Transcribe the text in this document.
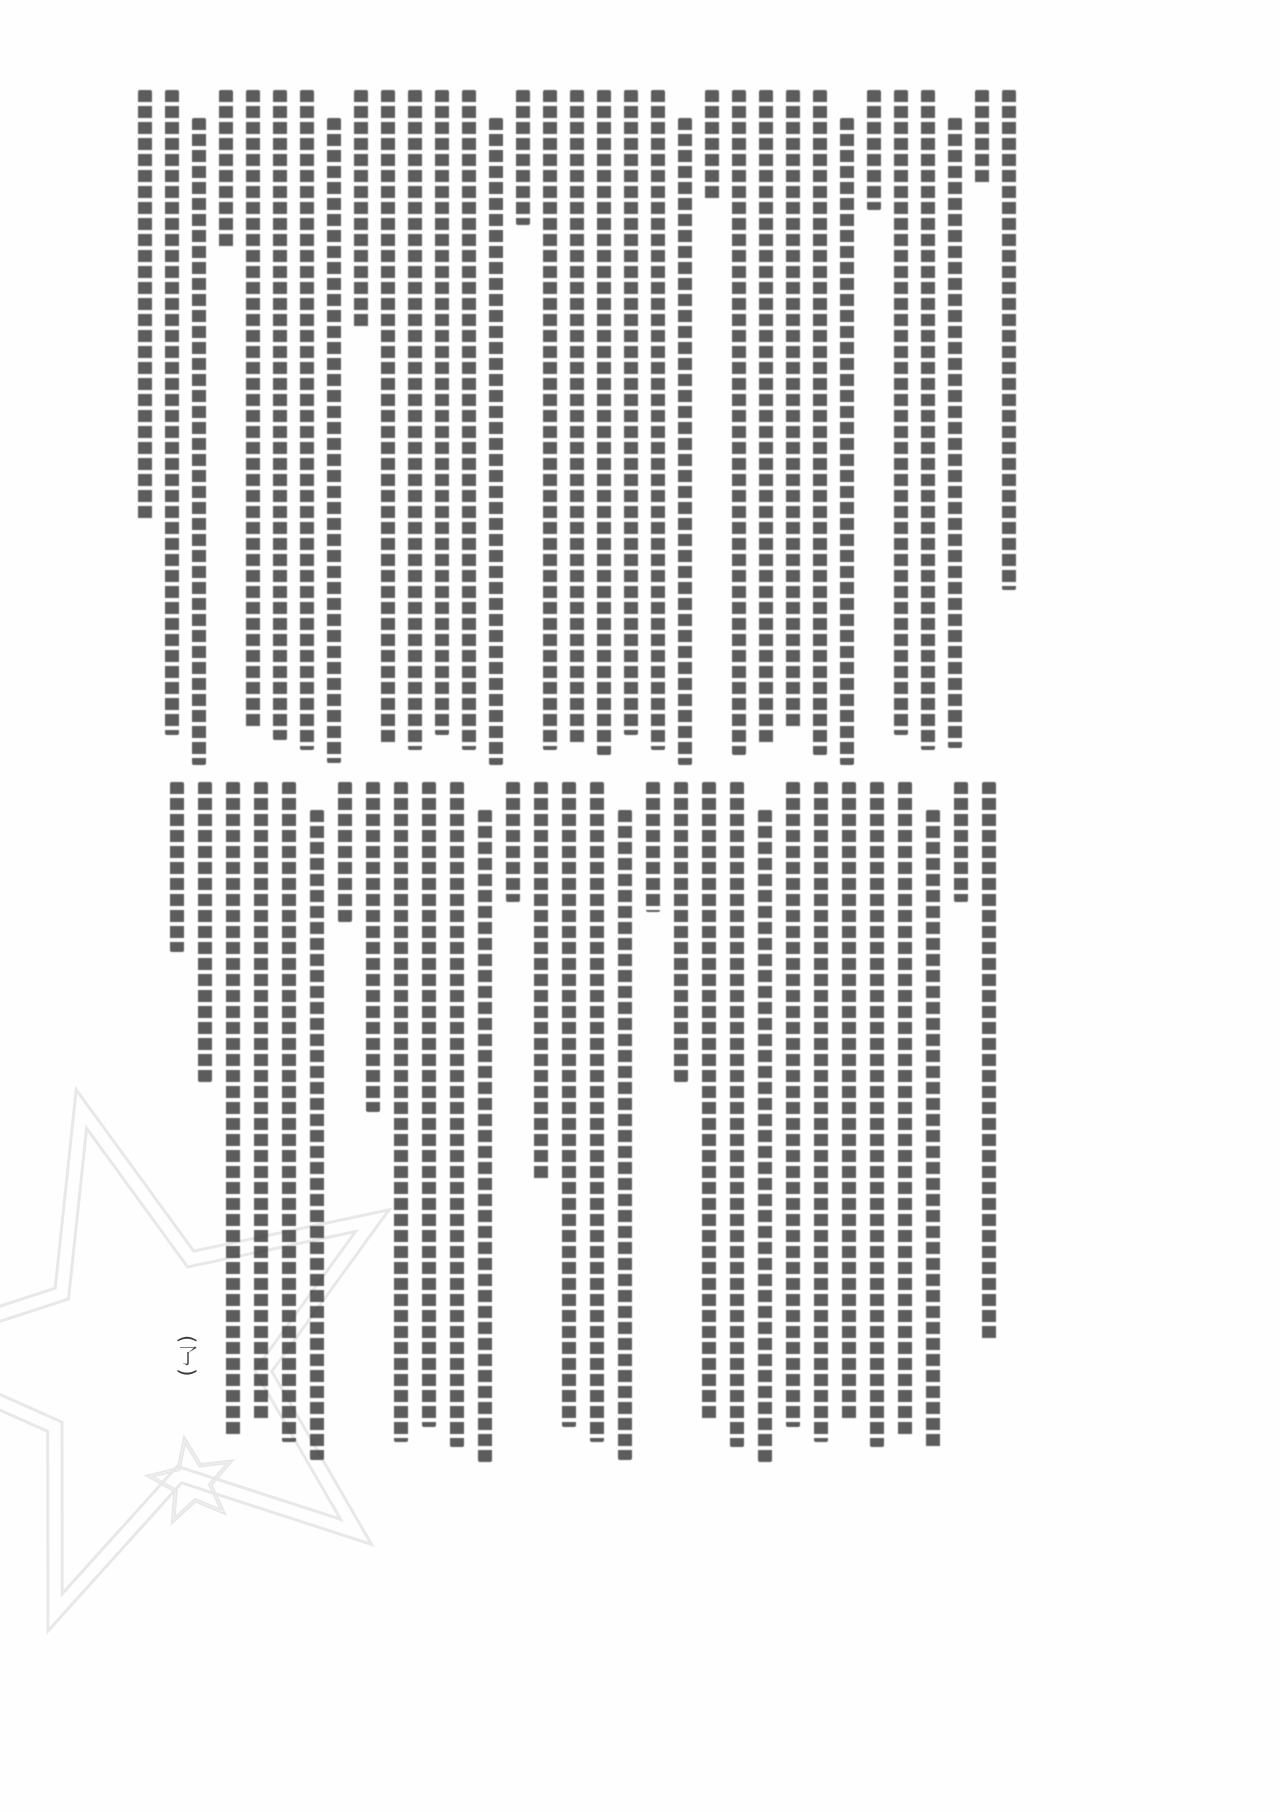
(了)
